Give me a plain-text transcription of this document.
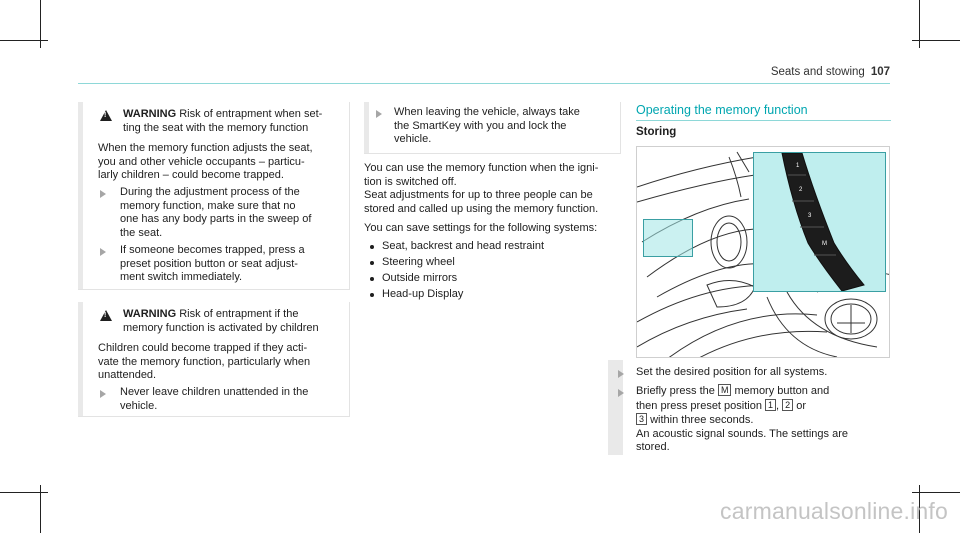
Seats and stowing 107
!
WARNING Risk of entrapment when set-
ting the seat with the memory function
When the memory function adjusts the seat,
you and other vehicle occupants – particu-
larly children – could become trapped.
During the adjustment process of the
memory function, make sure that no
one has any body parts in the sweep of
the seat.
If someone becomes trapped, press a
preset position button or seat adjust-
ment switch immediately.
!
WARNING Risk of entrapment if the
memory function is activated by children
Children could become trapped if they acti-
vate the memory function, particularly when
unattended.
Never leave children unattended in the
vehicle.
When leaving the vehicle, always take
the SmartKey with you and lock the
vehicle.
You can use the memory function when the igni-
tion is switched off.
Seat adjustments for up to three people can be
stored and called up using the memory function.
You can save settings for the following systems:
Seat, backrest and head restraint
Steering wheel
Outside mirrors
Head-up Display
Operating the memory function
Storing
1
2
3
M
Set the desired position for all systems.
Briefly press the M memory button and
then press preset position 1 , 2 or
3 within three seconds.
An acoustic signal sounds. The settings are
stored.
carmanualsonline.info
